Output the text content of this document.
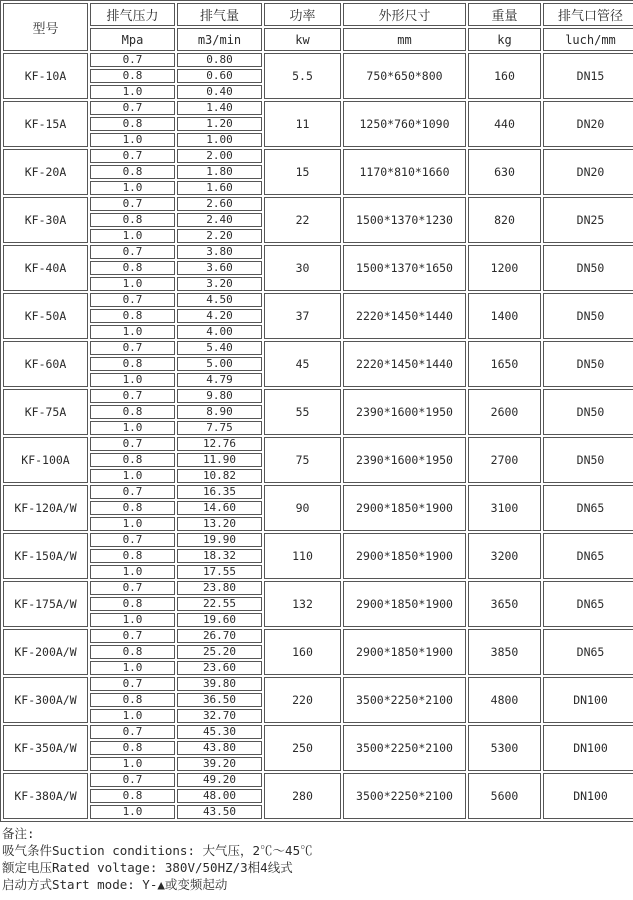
型号	排气压力	排气量	功率	外形尺寸	重量	排气口管径
	Mpa	m3/min	kw	mm	kg	luch/mm
KF-10A	0.7	0.80	5.5	750*650*800	160	DN15
	0.8	0.60				
	1.0	0.40				
KF-15A	0.7	1.40	11	1250*760*1090	440	DN20
	0.8	1.20				
	1.0	1.00				
KF-20A	0.7	2.00	15	1170*810*1660	630	DN20
	0.8	1.80				
	1.0	1.60				
KF-30A	0.7	2.60	22	1500*1370*1230	820	DN25
	0.8	2.40				
	1.0	2.20				
KF-40A	0.7	3.80	30	1500*1370*1650	1200	DN50
	0.8	3.60				
	1.0	3.20				
KF-50A	0.7	4.50	37	2220*1450*1440	1400	DN50
	0.8	4.20				
	1.0	4.00				
KF-60A	0.7	5.40	45	2220*1450*1440	1650	DN50
	0.8	5.00				
	1.0	4.79				
KF-75A	0.7	9.80	55	2390*1600*1950	2600	DN50
	0.8	8.90				
	1.0	7.75				
KF-100A	0.7	12.76	75	2390*1600*1950	2700	DN50
	0.8	11.90				
	1.0	10.82				
KF-120A/W	0.7	16.35	90	2900*1850*1900	3100	DN65
	0.8	14.60				
	1.0	13.20				
KF-150A/W	0.7	19.90	110	2900*1850*1900	3200	DN65
	0.8	18.32				
	1.0	17.55				
KF-175A/W	0.7	23.80	132	2900*1850*1900	3650	DN65
	0.8	22.55				
	1.0	19.60				
KF-200A/W	0.7	26.70	160	2900*1850*1900	3850	DN65
	0.8	25.20				
	1.0	23.60				
KF-300A/W	0.7	39.80	220	3500*2250*2100	4800	DN100
	0.8	36.50				
	1.0	32.70				
KF-350A/W	0.7	45.30	250	3500*2250*2100	5300	DN100
	0.8	43.80				
	1.0	39.20				
KF-380A/W	0.7	49.20	280	3500*2250*2100	5600	DN100
	0.8	48.00				
	1.0	43.50				
备注:
吸气条件Suction conditions: 大气压，2℃～45℃
额定电压Rated voltage: 380V/50HZ/3相4线式
启动方式Start mode: Y-▲或变频起动
